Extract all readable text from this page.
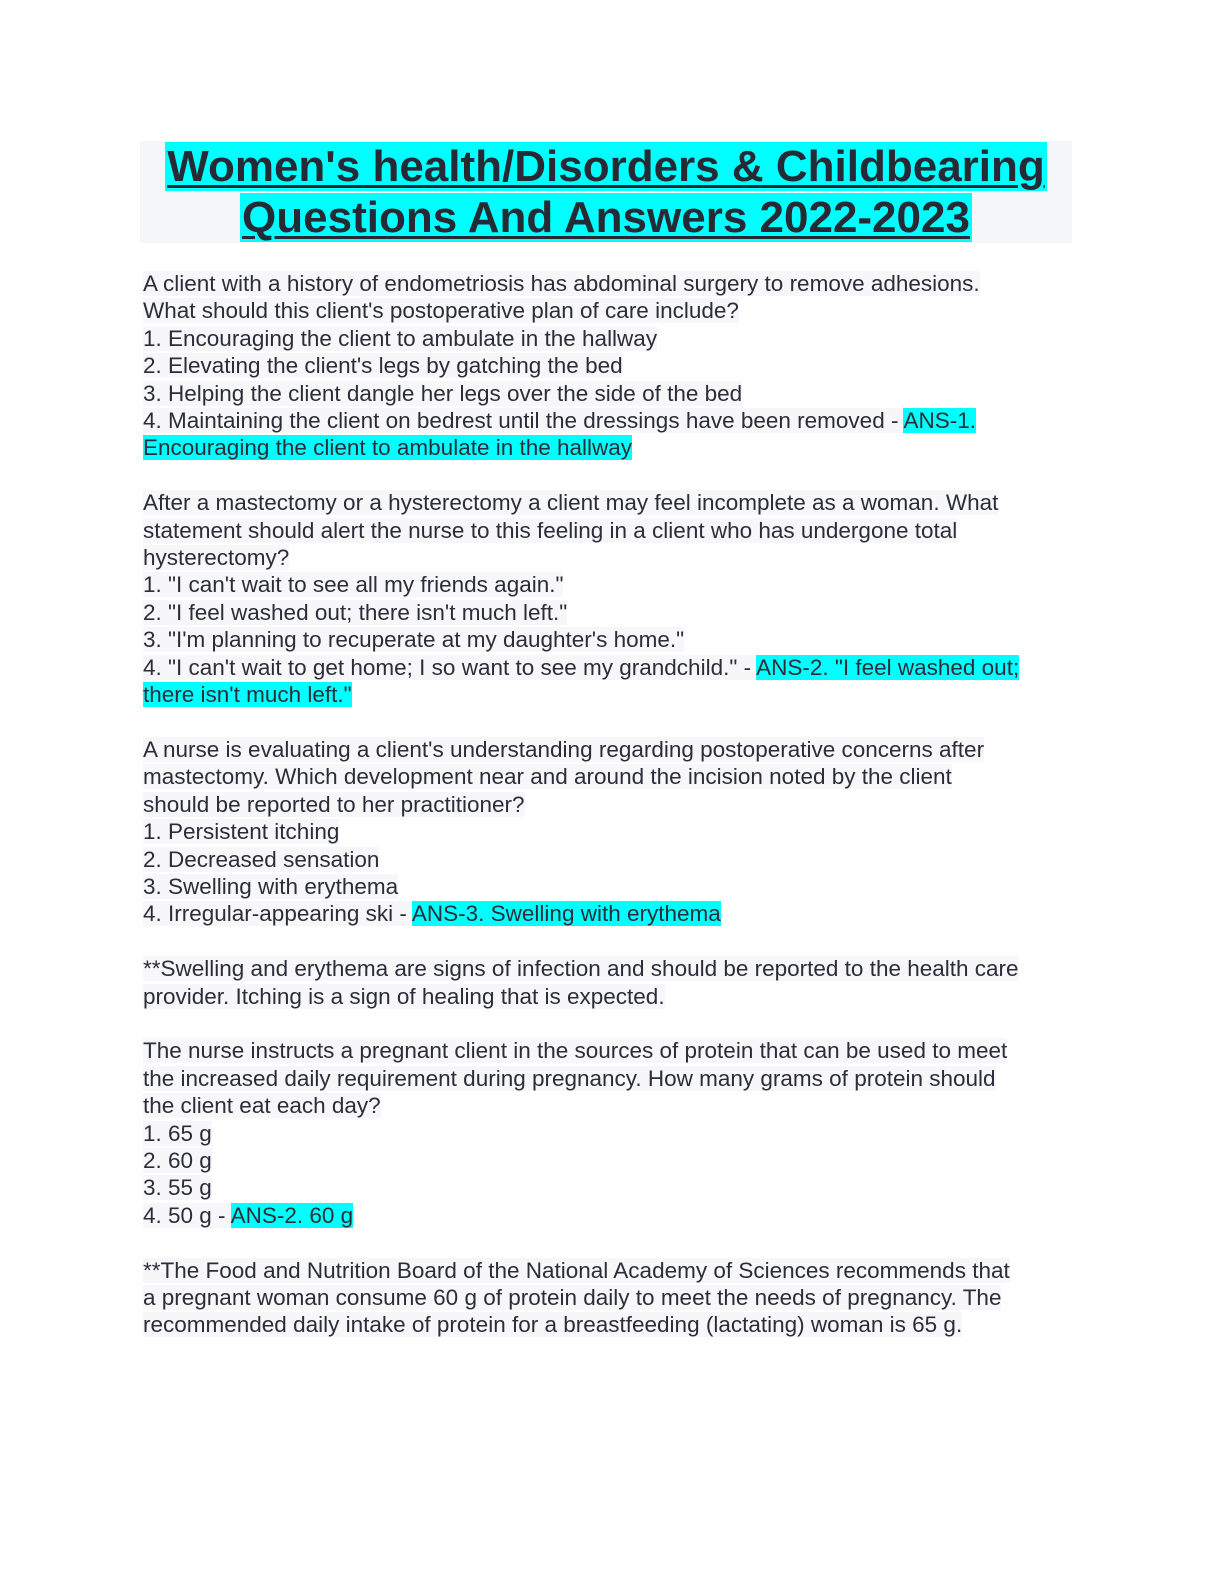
Women's health/Disorders & Childbearing
Questions And Answers 2022-2023
A client with a history of endometriosis has abdominal surgery to remove adhesions.
What should this client's postoperative plan of care include?
1. Encouraging the client to ambulate in the hallway
2. Elevating the client's legs by gatching the bed
3. Helping the client dangle her legs over the side of the bed
4. Maintaining the client on bedrest until the dressings have been removed - ANS-1.
Encouraging the client to ambulate in the hallway
After a mastectomy or a hysterectomy a client may feel incomplete as a woman. What
statement should alert the nurse to this feeling in a client who has undergone total
hysterectomy?
1. "I can't wait to see all my friends again."
2. "I feel washed out; there isn't much left."
3. "I'm planning to recuperate at my daughter's home."
4. "I can't wait to get home; I so want to see my grandchild." - ANS-2. "I feel washed out;
there isn't much left."
A nurse is evaluating a client's understanding regarding postoperative concerns after
mastectomy. Which development near and around the incision noted by the client
should be reported to her practitioner?
1. Persistent itching
2. Decreased sensation
3. Swelling with erythema
4. Irregular-appearing ski - ANS-3. Swelling with erythema
**Swelling and erythema are signs of infection and should be reported to the health care
provider. Itching is a sign of healing that is expected.
The nurse instructs a pregnant client in the sources of protein that can be used to meet
the increased daily requirement during pregnancy. How many grams of protein should
the client eat each day?
1. 65 g
2. 60 g
3. 55 g
4. 50 g - ANS-2. 60 g
**The Food and Nutrition Board of the National Academy of Sciences recommends that
a pregnant woman consume 60 g of protein daily to meet the needs of pregnancy. The
recommended daily intake of protein for a breastfeeding (lactating) woman is 65 g.
